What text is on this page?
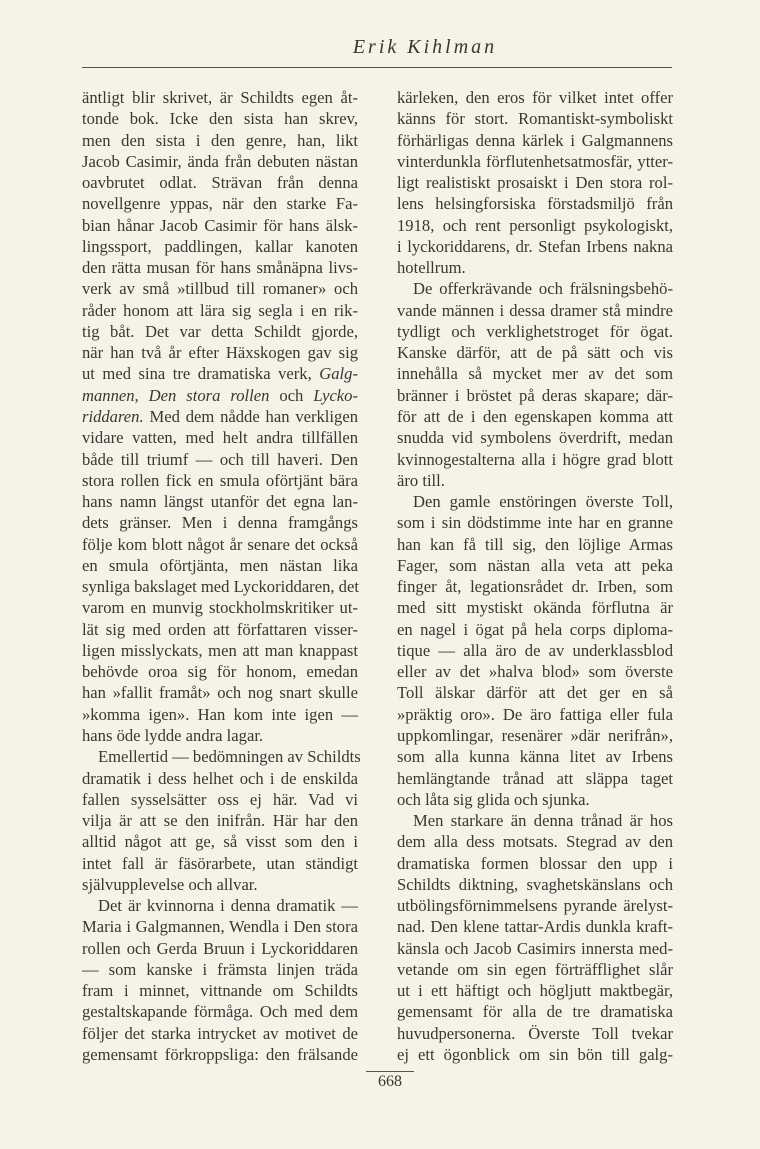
Erik Kihlman
äntligt blir skrivet, är Schildts egen åt-
tonde bok. Icke den sista han skrev,
men den sista i den genre, han, likt
Jacob Casimir, ända från debuten nästan
oavbrutet odlat. Strävan från denna
novellgenre yppas, när den starke Fa-
bian hånar Jacob Casimir för hans älsk-
lingssport, paddlingen, kallar kanoten
den rätta musan för hans smånäpna livs-
verk av små »tillbud till romaner» och
råder honom att lära sig segla i en rik-
tig båt. Det var detta Schildt gjorde,
när han två år efter Häxskogen gav sig
ut med sina tre dramatiska verk, Galg-
mannen, Den stora rollen och Lycko-
riddaren. Med dem nådde han verkligen
vidare vatten, med helt andra tillfällen
både till triumf — och till haveri. Den
stora rollen fick en smula oförtjänt bära
hans namn längst utanför det egna lan-
dets gränser. Men i denna framgångs
följe kom blott något år senare det också
en smula oförtjänta, men nästan lika
synliga bakslaget med Lyckoriddaren, det
varom en munvig stockholmskritiker ut-
lät sig med orden att författaren visser-
ligen misslyckats, men att man knappast
behövde oroa sig för honom, emedan
han »fallit framåt» och nog snart skulle
»komma igen». Han kom inte igen —
hans öde lydde andra lagar.
Emellertid — bedömningen av Schildts
dramatik i dess helhet och i de enskilda
fallen sysselsätter oss ej här. Vad vi
vilja är att se den inifrån. Här har den
alltid något att ge, så visst som den i
intet fall är fäsörarbete, utan ständigt
självupplevelse och allvar.
Det är kvinnorna i denna dramatik —
Maria i Galgmannen, Wendla i Den stora
rollen och Gerda Bruun i Lyckoriddaren
— som kanske i främsta linjen träda
fram i minnet, vittnande om Schildts
gestaltskapande förmåga. Och med dem
följer det starka intrycket av motivet de
gemensamt förkroppsliga: den frälsande
kärleken, den eros för vilket intet offer
känns för stort. Romantiskt-symboliskt
förhärligas denna kärlek i Galgmannens
vinterdunkla förflutenhetsatmosfär, ytter-
ligt realistiskt prosaiskt i Den stora rol-
lens helsingforsiska förstadsmiljö från
1918, och rent personligt psykologiskt,
i lyckoriddarens, dr. Stefan Irbens nakna
hotellrum.
De offerkrävande och frälsningsbehö-
vande männen i dessa dramer stå mindre
tydligt och verklighetstroget för ögat.
Kanske därför, att de på sätt och vis
innehålla så mycket mer av det som
bränner i bröstet på deras skapare; där-
för att de i den egenskapen komma att
snudda vid symbolens överdrift, medan
kvinnogestalterna alla i högre grad blott
äro till.
Den gamle enstöringen överste Toll,
som i sin dödstimme inte har en granne
han kan få till sig, den löjlige Armas
Fager, som nästan alla veta att peka
finger åt, legationsrådet dr. Irben, som
med sitt mystiskt okända förflutna är
en nagel i ögat på hela corps diploma-
tique — alla äro de av underklassblod
eller av det »halva blod» som överste
Toll älskar därför att det ger en så
»präktig oro». De äro fattiga eller fula
uppkomlingar, resenärer »där nerifrån»,
som alla kunna känna litet av Irbens
hemlängtande trånad att släppa taget
och låta sig glida och sjunka.
Men starkare än denna trånad är hos
dem alla dess motsats. Stegrad av den
dramatiska formen blossar den upp i
Schildts diktning, svaghetskänslans och
utbölingsförnimmelsens pyrande ärelyst-
nad. Den klene tattar-Ardis dunkla kraft-
känsla och Jacob Casimirs innersta med-
vetande om sin egen förträfflighet slår
ut i ett häftigt och högljutt maktbegär,
gemensamt för alla de tre dramatiska
huvudpersonerna. Överste Toll tvekar
ej ett ögonblick om sin bön till galg-
668
